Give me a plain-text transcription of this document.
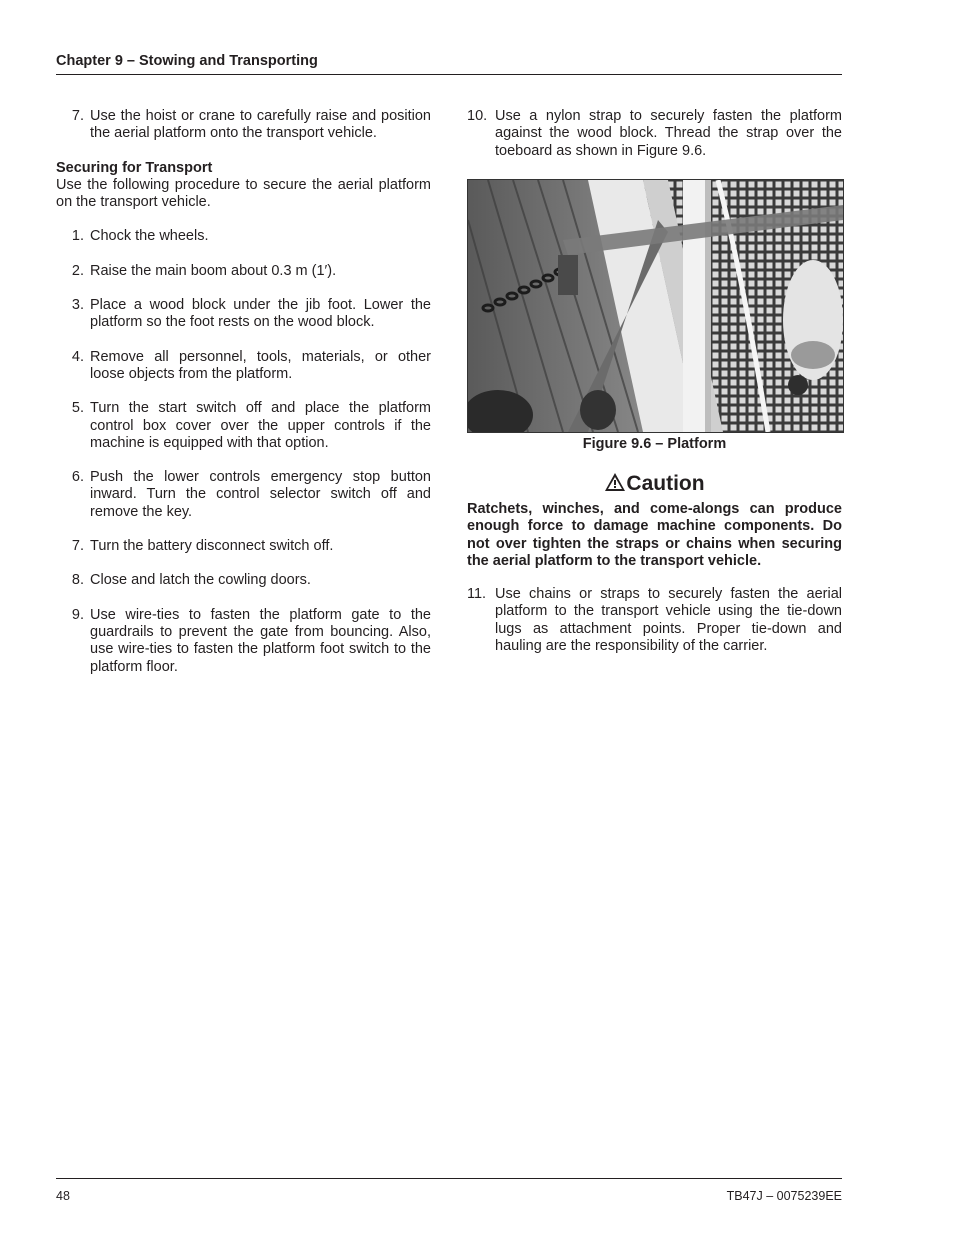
Chapter 9 – Stowing and Transporting
7. Use the hoist or crane to carefully raise and position the aerial platform onto the transport vehicle.
Securing for Transport

Use the following procedure to secure the aerial platform on the transport vehicle.

1. Chock the wheels.
2. Raise the main boom about 0.3 m (1′).
3. Place a wood block under the jib foot. Lower the platform so the foot rests on the wood block.
4. Remove all personnel, tools, materials, or other loose objects from the platform.
5. Turn the start switch off and place the platform control box cover over the upper controls if the machine is equipped with that option.
6. Push the lower controls emergency stop button inward. Turn the control selector switch off and remove the key.
7. Turn the battery disconnect switch off.
8. Close and latch the cowling doors.
9. Use wire-ties to fasten the platform gate to the guardrails to prevent the gate from bouncing. Also, use wire-ties to fasten the platform foot switch to the platform floor.
10. Use a nylon strap to securely fasten the platform against the wood block. Thread the strap over the toeboard as shown in Figure 9.6.
Figure 9.6 – Platform
Caution
Ratchets, winches, and come-alongs can produce enough force to damage machine components. Do not over tighten the straps or chains when securing the aerial platform to the transport vehicle.
11. Use chains or straps to securely fasten the aerial platform to the transport vehicle using the tie-down lugs as attachment points. Proper tie-down and hauling are the responsibility of the carrier.
48	TB47J – 0075239EE
